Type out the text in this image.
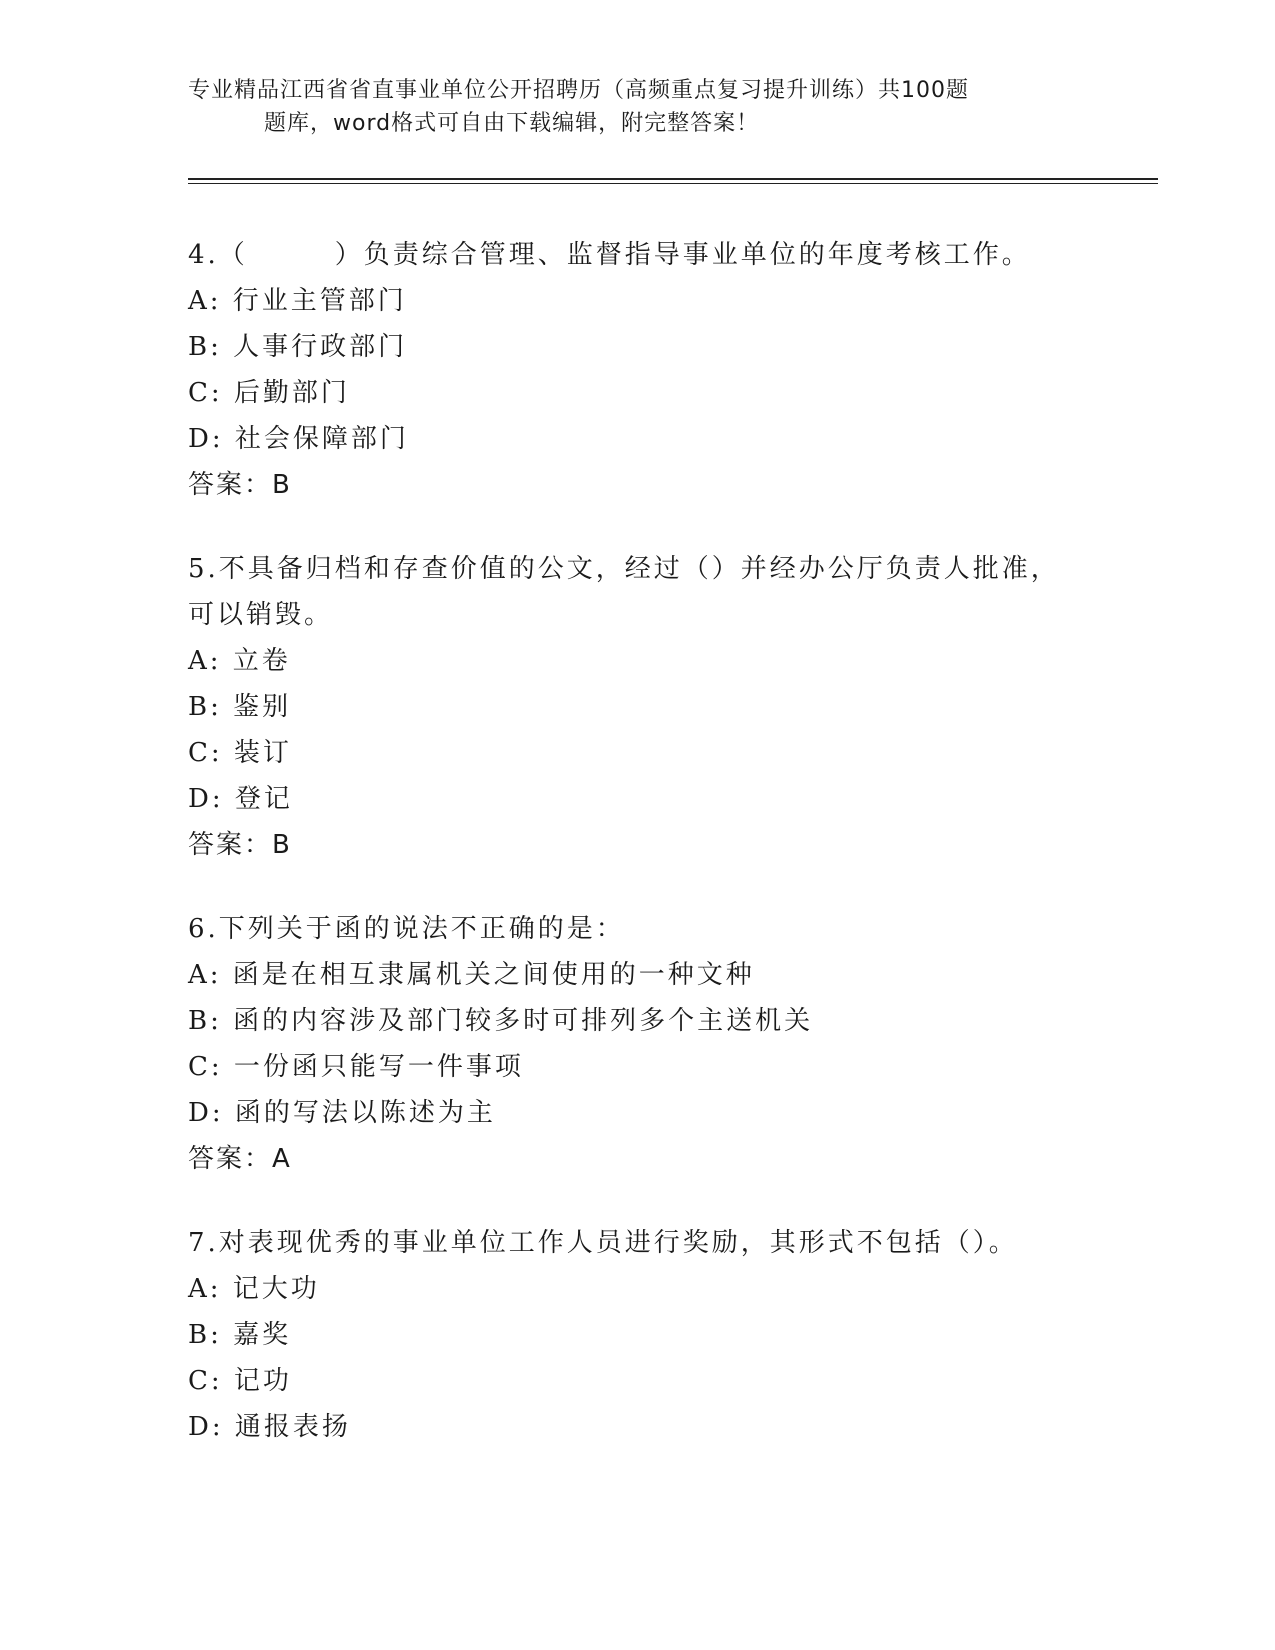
专业精品江西省省直事业单位公开招聘历（高频重点复习提升训练）共100题
题库，word格式可自由下载编辑，附完整答案！
4.（　　　）负责综合管理、监督指导事业单位的年度考核工作。
A: 行业主管部门
B: 人事行政部门
C: 后勤部门
D: 社会保障部门
答案：B
5.不具备归档和存查价值的公文，经过（）并经办公厅负责人批准，
可以销毁。
A: 立卷
B: 鉴别
C: 装订
D: 登记
答案：B
6.下列关于函的说法不正确的是：
A: 函是在相互隶属机关之间使用的一种文种
B: 函的内容涉及部门较多时可排列多个主送机关
C: 一份函只能写一件事项
D: 函的写法以陈述为主
答案：A
7.对表现优秀的事业单位工作人员进行奖励，其形式不包括（）。
A: 记大功
B: 嘉奖
C: 记功
D: 通报表扬
